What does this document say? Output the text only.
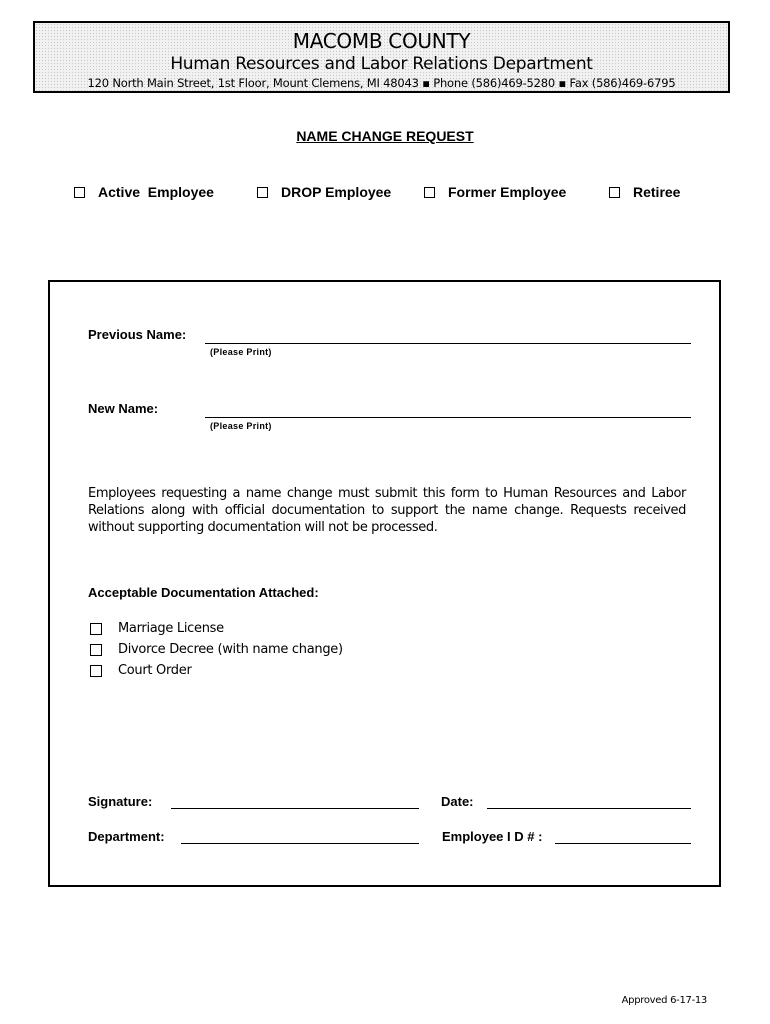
MACOMB COUNTY
Human Resources and Labor Relations Department
120 North Main Street, 1st Floor, Mount Clemens, MI 48043 ▪ Phone (586)469-5280 ▪ Fax (586)469-6795
NAME CHANGE REQUEST
Active  Employee	DROP Employee	Former Employee	Retiree
Previous Name:
(Please Print)
New Name:
(Please Print)
Employees requesting a name change must submit this form to Human Resources and Labor Relations along with official documentation to support the name change. Requests received without supporting documentation will not be processed.
Acceptable Documentation Attached:
Marriage License
Divorce Decree (with name change)
Court Order
Signature:	Date:
Department:	Employee I D # :
Approved 6-17-13
